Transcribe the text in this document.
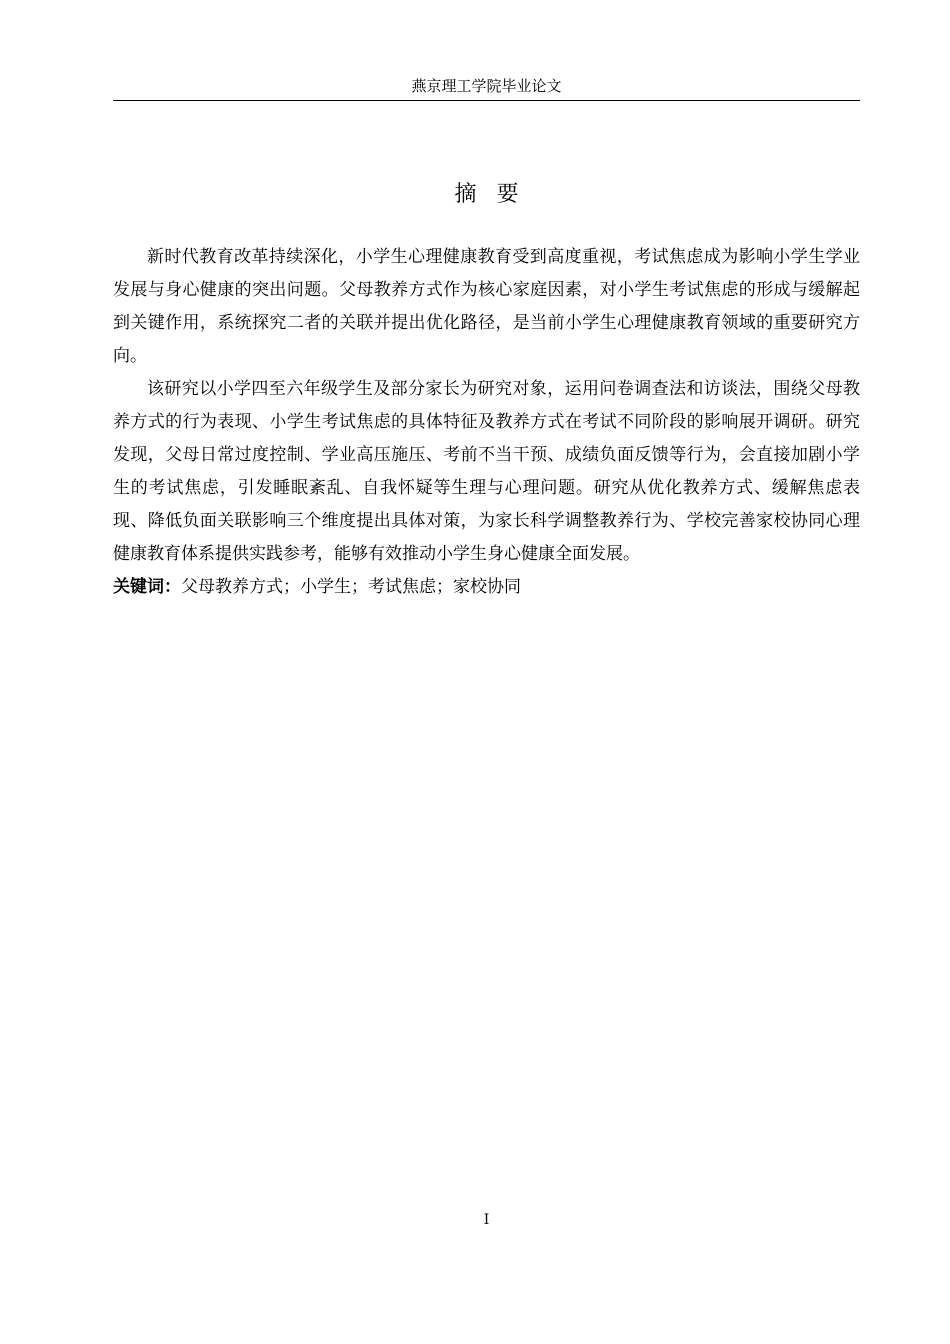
燕京理工学院毕业论文
摘要

新时代教育改革持续深化，小学生心理健康教育受到高度重视，考试焦虑成为影响小学生学业发展与身心健康的突出问题。父母教养方式作为核心家庭因素，对小学生考试焦虑的形成与缓解起到关键作用，系统探究二者的关联并提出优化路径，是当前小学生心理健康教育领域的重要研究方向。

该研究以小学四至六年级学生及部分家长为研究对象，运用问卷调查法和访谈法，围绕父母教养方式的行为表现、小学生考试焦虑的具体特征及教养方式在考试不同阶段的影响展开调研。研究发现，父母日常过度控制、学业高压施压、考前不当干预、成绩负面反馈等行为，会直接加剧小学生的考试焦虑，引发睡眠紊乱、自我怀疑等生理与心理问题。研究从优化教养方式、缓解焦虑表现、降低负面关联影响三个维度提出具体对策，为家长科学调整教养行为、学校完善家校协同心理健康教育体系提供实践参考，能够有效推动小学生身心健康全面发展。

关键词：父母教养方式；小学生；考试焦虑；家校协同

I
